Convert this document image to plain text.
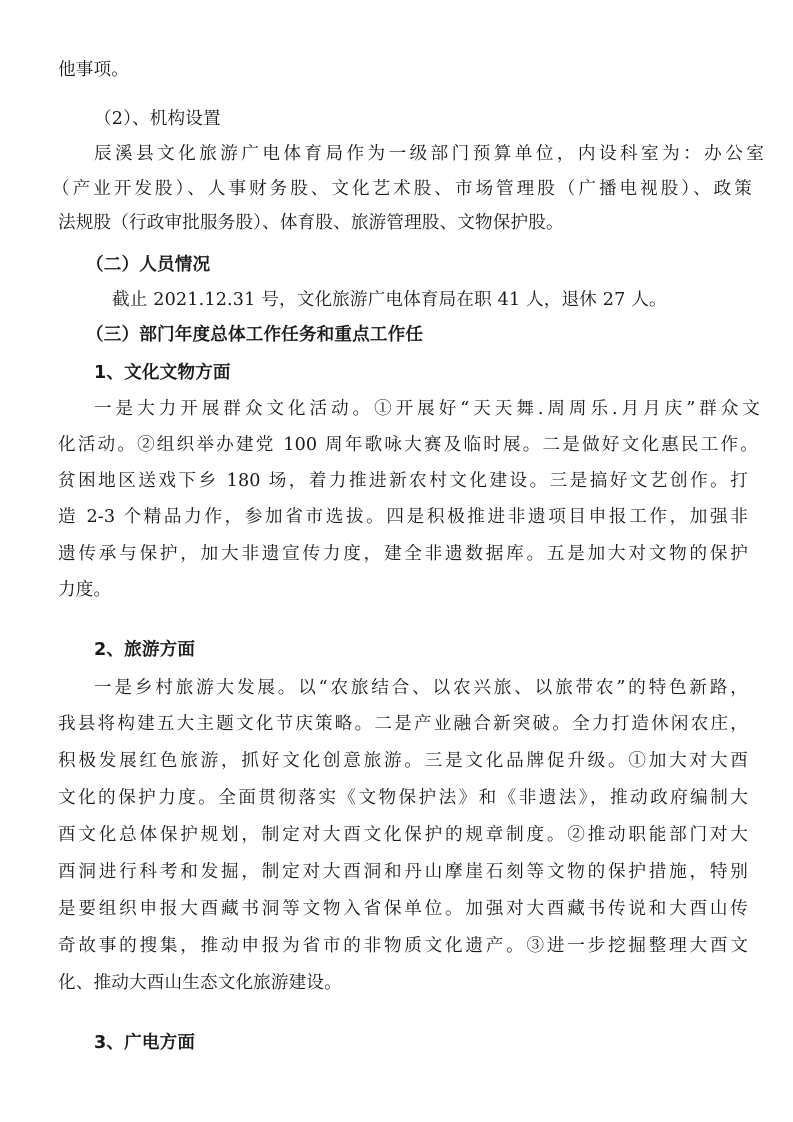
他事项。
（2）、机构设置
辰溪县文化旅游广电体育局作为一级部门预算单位，内设科室为：办公室
（产业开发股）、人事财务股、文化艺术股、市场管理股（广播电视股）、政策
法规股（行政审批服务股）、体育股、旅游管理股、文物保护股。
（二）人员情况
截止 2021.12.31 号，文化旅游广电体育局在职 41 人，退休 27 人。
（三）部门年度总体工作任务和重点工作任
1、文化文物方面
一是大力开展群众文化活动。①开展好“天天舞.周周乐.月月庆”群众文
化活动。②组织举办建党 100 周年歌咏大赛及临时展。二是做好文化惠民工作。
贫困地区送戏下乡 180 场，着力推进新农村文化建设。三是搞好文艺创作。打
造 2-3 个精品力作，参加省市选拔。四是积极推进非遗项目申报工作，加强非
遗传承与保护，加大非遗宣传力度，建全非遗数据库。五是加大对文物的保护
力度。
2、旅游方面
一是乡村旅游大发展。以“农旅结合、以农兴旅、以旅带农”的特色新路，
我县将构建五大主题文化节庆策略。二是产业融合新突破。全力打造休闲农庄，
积极发展红色旅游，抓好文化创意旅游。三是文化品牌促升级。①加大对大酉
文化的保护力度。全面贯彻落实《文物保护法》和《非遗法》，推动政府编制大
酉文化总体保护规划，制定对大酉文化保护的规章制度。②推动职能部门对大
酉洞进行科考和发掘，制定对大酉洞和丹山摩崖石刻等文物的保护措施，特别
是要组织申报大酉藏书洞等文物入省保单位。加强对大酉藏书传说和大酉山传
奇故事的搜集，推动申报为省市的非物质文化遗产。③进一步挖掘整理大酉文
化、推动大酉山生态文化旅游建设。
3、广电方面
